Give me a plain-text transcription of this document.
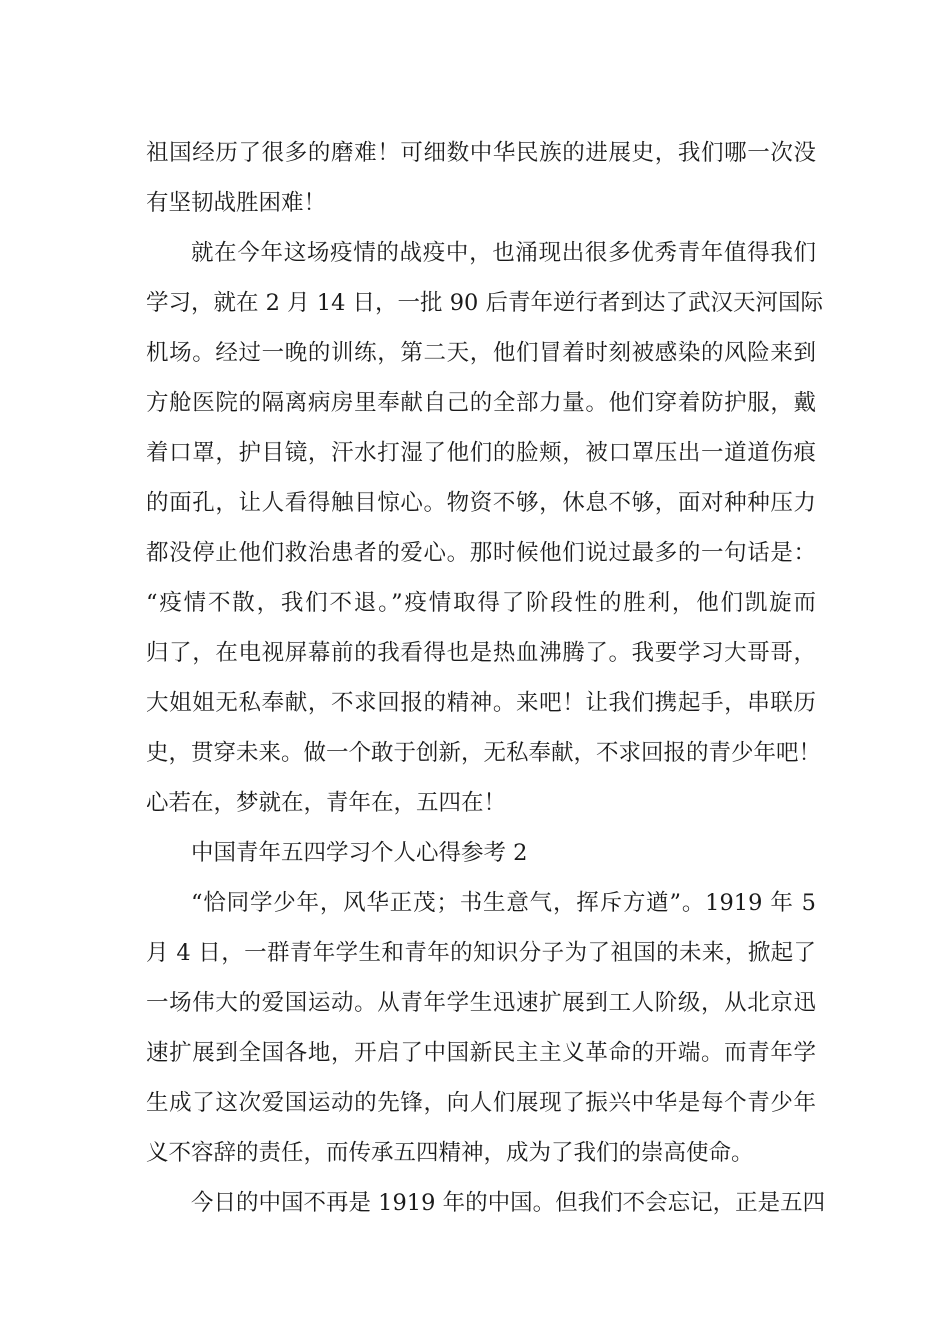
祖国经历了很多的磨难！可细数中华民族的进展史，我们哪一次没
有坚韧战胜困难！
就在今年这场疫情的战疫中，也涌现出很多优秀青年值得我们
学习，就在 2 月 14 日，一批 90 后青年逆行者到达了武汉天河国际
机场。经过一晚的训练，第二天，他们冒着时刻被感染的风险来到
方舱医院的隔离病房里奉献自己的全部力量。他们穿着防护服，戴
着口罩，护目镜，汗水打湿了他们的脸颊，被口罩压出一道道伤痕
的面孔，让人看得触目惊心。物资不够，休息不够，面对种种压力
都没停止他们救治患者的爱心。那时候他们说过最多的一句话是：
“疫情不散，我们不退。”疫情取得了阶段性的胜利，他们凯旋而
归了，在电视屏幕前的我看得也是热血沸腾了。我要学习大哥哥，
大姐姐无私奉献，不求回报的精神。来吧！让我们携起手，串联历
史，贯穿未来。做一个敢于创新，无私奉献，不求回报的青少年吧！
心若在，梦就在，青年在，五四在！
中国青年五四学习个人心得参考 2
“恰同学少年，风华正茂；书生意气，挥斥方遒”。1919 年 5
月 4 日，一群青年学生和青年的知识分子为了祖国的未来，掀起了
一场伟大的爱国运动。从青年学生迅速扩展到工人阶级，从北京迅
速扩展到全国各地，开启了中国新民主主义革命的开端。而青年学
生成了这次爱国运动的先锋，向人们展现了振兴中华是每个青少年
义不容辞的责任，而传承五四精神，成为了我们的崇高使命。
今日的中国不再是 1919 年的中国。但我们不会忘记，正是五四
